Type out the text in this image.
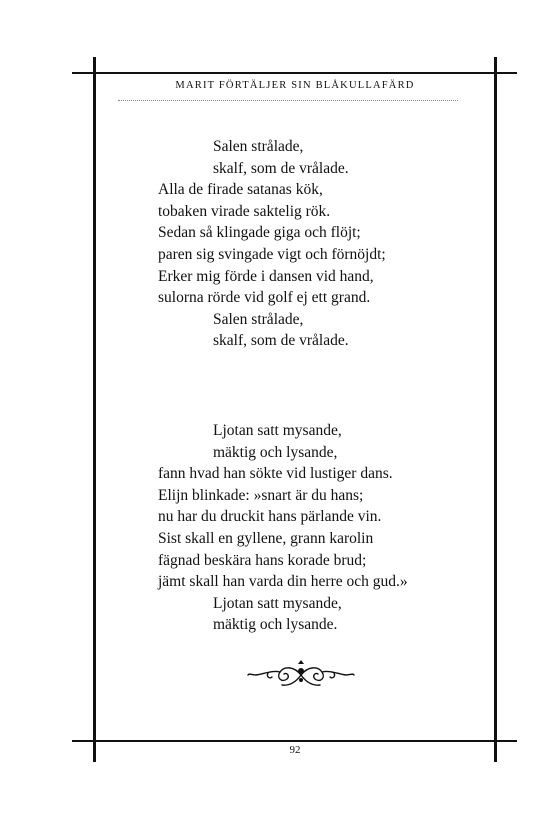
MARIT FÖRTÄLJER SIN BLÅKULLAFÄRD
Salen strålade,
skalf, som de vrålade.
Alla de firade satanas kök,
tobaken virade saktelig rök.
Sedan så klingade giga och flöjt;
paren sig svingade vigt och förnöjdt;
Erker mig förde i dansen vid hand,
sulorna rörde vid golf ej ett grand.
Salen strålade,
skalf, som de vrålade.
Ljotan satt mysande,
mäktig och lysande,
fann hvad han sökte vid lustiger dans.
Elijn blinkade: »snart är du hans;
nu har du druckit hans pärlande vin.
Sist skall en gyllene, grann karolin
fägnad beskära hans korade brud;
jämt skall han varda din herre och gud.»
Ljotan satt mysande,
mäktig och lysande.
92
